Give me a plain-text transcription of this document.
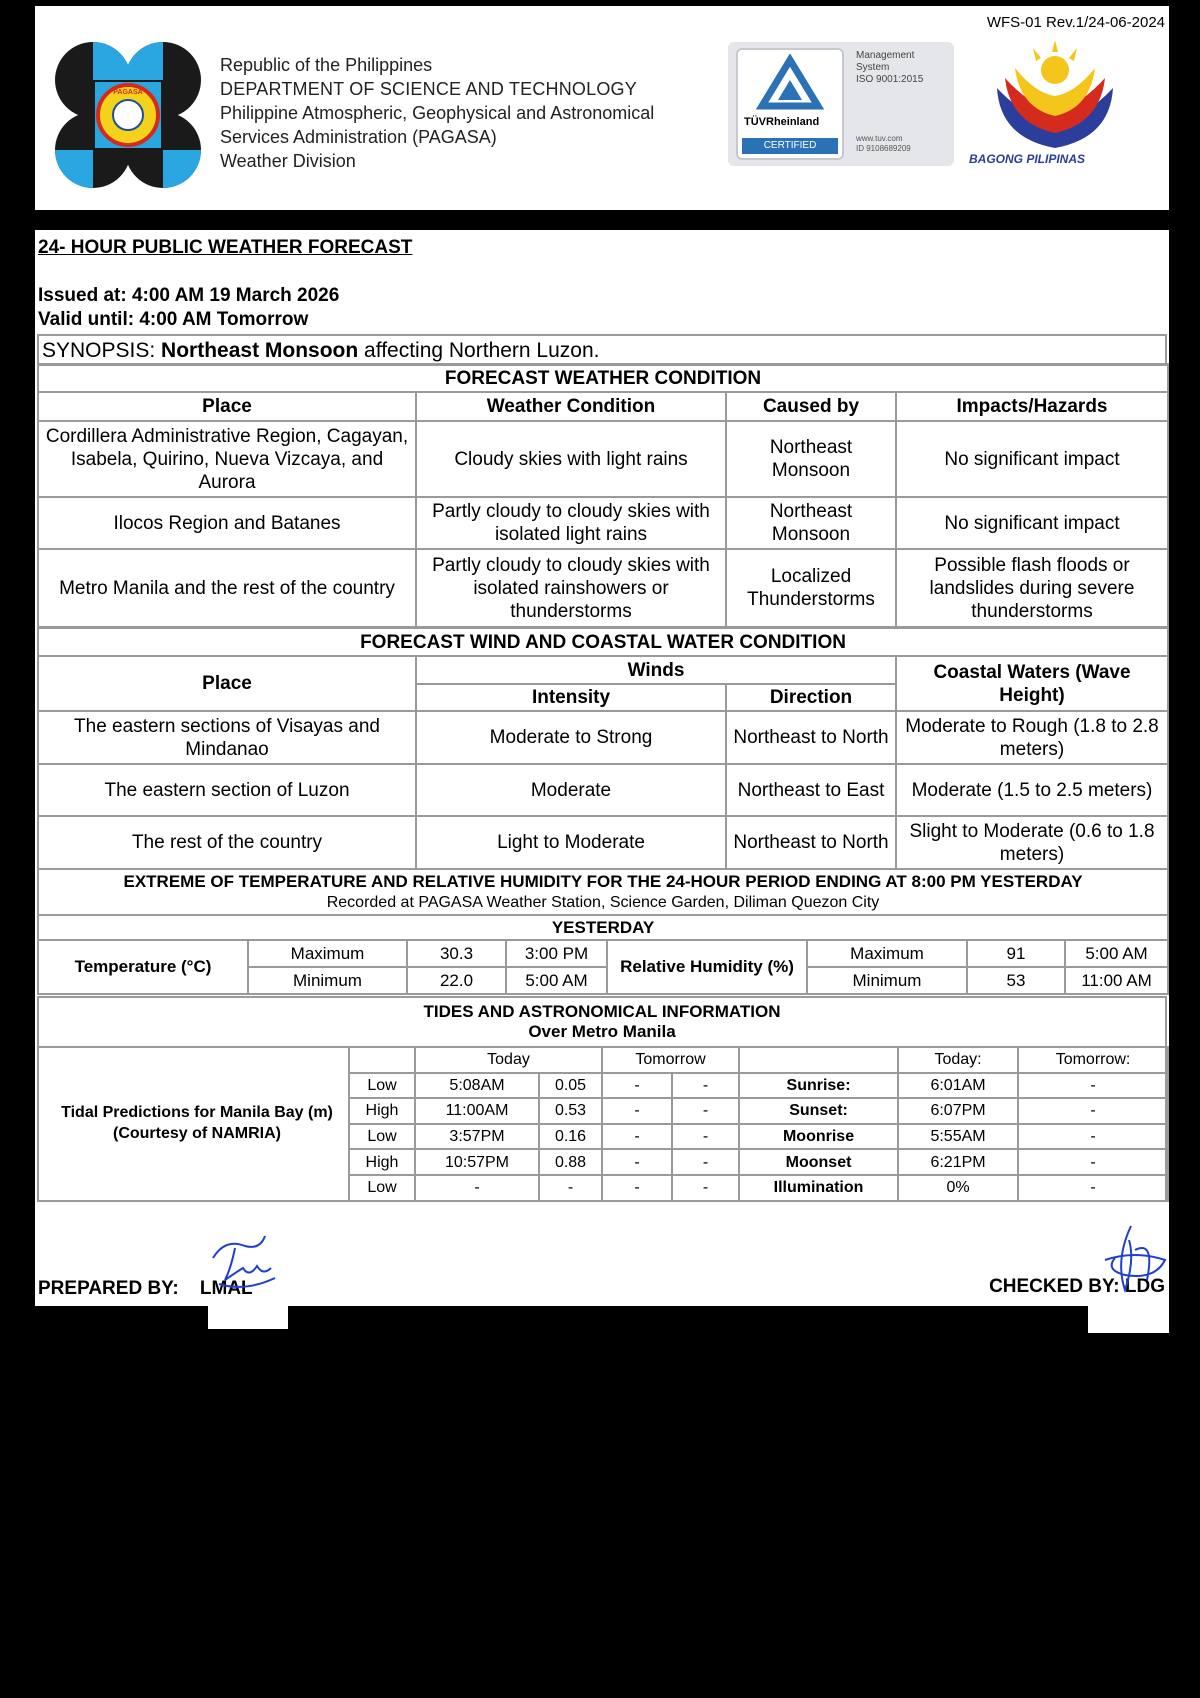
WFS-01 Rev.1/24-06-2024
PAGASA
Republic of the Philippines
DEPARTMENT OF SCIENCE AND TECHNOLOGY
Philippine Atmospheric, Geophysical and Astronomical
Services Administration (PAGASA)
Weather Division
TÜVRheinland
CERTIFIED
Management
System
ISO 9001:2015
www.tuv.com
ID 9108689209
BAGONG PILIPINAS
24- HOUR PUBLIC WEATHER FORECAST
Issued at: 4:00 AM 19 March 2026
Valid until: 4:00 AM Tomorrow
SYNOPSIS: Northeast Monsoon affecting Northern Luzon.
FORECAST WEATHER CONDITION			
Place	Weather Condition	Caused by	Impacts/Hazards
Cordillera Administrative Region, Cagayan, Isabela, Quirino, Nueva Vizcaya, and Aurora	Cloudy skies with light rains	Northeast Monsoon	No significant impact
Ilocos Region and Batanes	Partly cloudy to cloudy skies with isolated light rains	Northeast Monsoon	No significant impact
Metro Manila and the rest of the country	Partly cloudy to cloudy skies with isolated rainshowers or thunderstorms	Localized Thunderstorms	Possible flash floods or landslides during severe thunderstorms
FORECAST WIND AND COASTAL WATER CONDITION			
Place	Winds		Coastal Waters (Wave Height)
	Intensity	Direction	
The eastern sections of Visayas and Mindanao	Moderate to Strong	Northeast to North	Moderate to Rough (1.8 to 2.8 meters)
The eastern section of Luzon	Moderate	Northeast to East	Moderate (1.5 to 2.5 meters)
The rest of the country	Light to Moderate	Northeast to North	Slight to Moderate (0.6 to 1.8 meters)
EXTREME OF TEMPERATURE AND RELATIVE HUMIDITY FOR THE 24-HOUR PERIOD ENDING AT 8:00 PM YESTERDAY
Recorded at PAGASA Weather Station, Science Garden, Diliman Quezon City							

YESTERDAY							
Temperature (°C)	Maximum	30.3	3:00 PM	Relative Humidity (%)	Maximum	91	5:00 AM
	Minimum	22.0	5:00 AM		Minimum	53	11:00 AM
TIDES AND ASTRONOMICAL INFORMATION
Over Metro Manila
Tidal Predictions for Manila Bay (m) (Courtesy of NAMRIA)
	Today		Tomorrow			Today:	Tomorrow:
Low	5:08AM	0.05	-	-	Sunrise:	6:01AM	-
High	11:00AM	0.53	-	-	Sunset:	6:07PM	-
Low	3:57PM	0.16	-	-	Moonrise	5:55AM	-
High	10:57PM	0.88	-	-	Moonset	6:21PM	-
Low	-	-	-	-	Illumination	0%	-
PREPARED BY: LMAL	CHECKED BY: LDG
